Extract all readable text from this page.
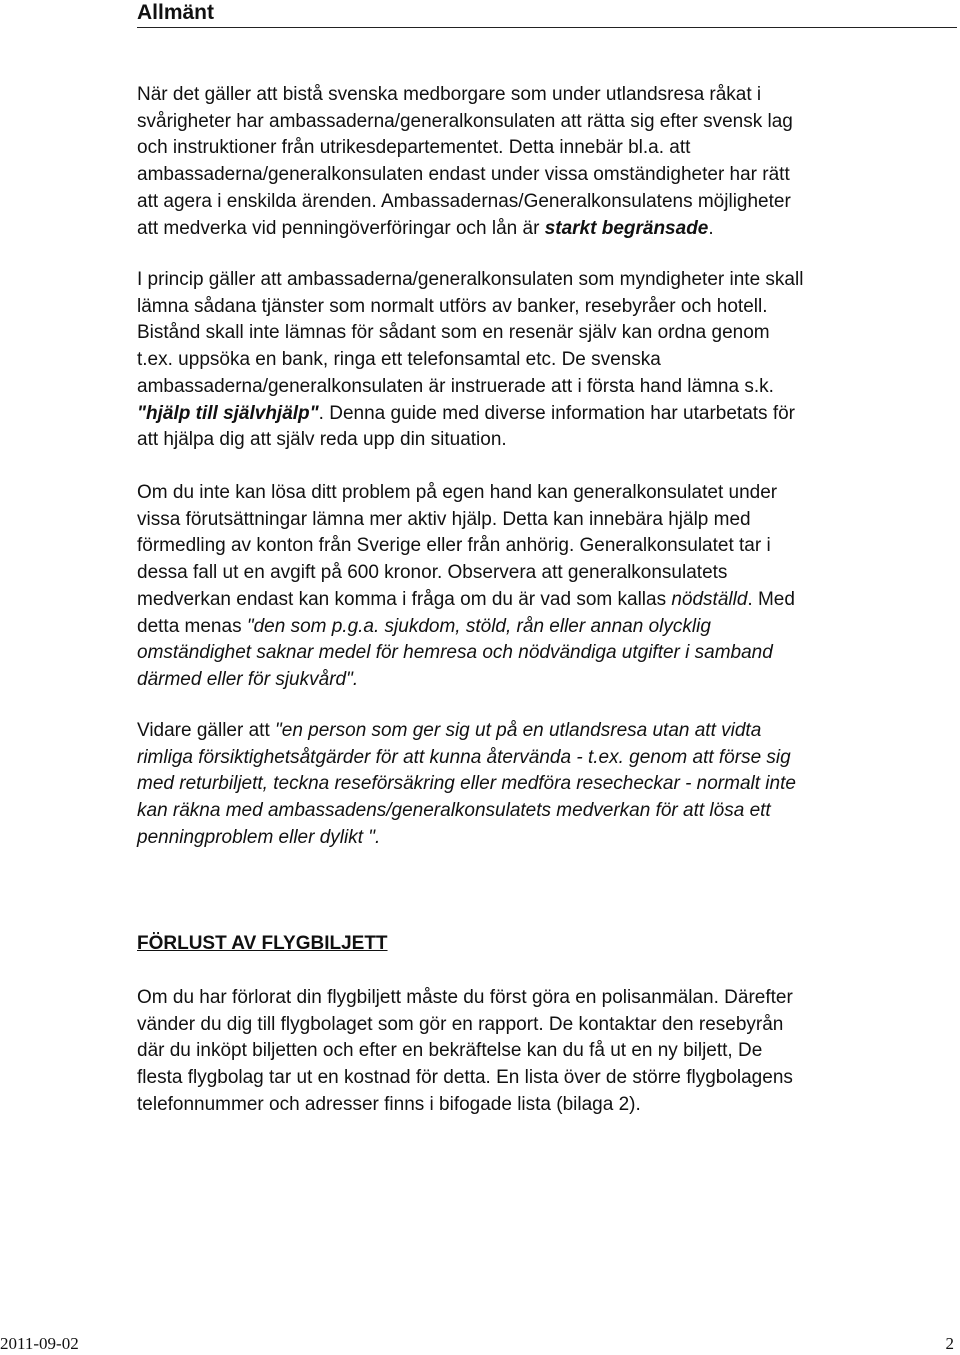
Allmänt
När det gäller att bistå svenska medborgare som under utlandsresa råkat i
svårigheter har ambassaderna/generalkonsulaten att rätta sig efter svensk lag
och instruktioner från utrikesdepartementet. Detta innebär bl.a. att
ambassaderna/generalkonsulaten endast under vissa omständigheter har rätt
att agera i enskilda ärenden. Ambassadernas/Generalkonsulatens möjligheter
att medverka vid penningöverföringar och lån är starkt begränsade.
I princip gäller att ambassaderna/generalkonsulaten som myndigheter inte skall
lämna sådana tjänster som normalt utförs av banker, resebyråer och hotell.
Bistånd skall inte lämnas för sådant som en resenär själv kan ordna genom
t.ex. uppsöka en bank, ringa ett telefonsamtal etc. De svenska
ambassaderna/generalkonsulaten är instruerade att i första hand lämna s.k.
"hjälp till självhjälp". Denna guide med diverse information har utarbetats för
att hjälpa dig att själv reda upp din situation.
Om du inte kan lösa ditt problem på egen hand kan generalkonsulatet under
vissa förutsättningar lämna mer aktiv hjälp. Detta kan innebära hjälp med
förmedling av konton från Sverige eller från anhörig. Generalkonsulatet tar i
dessa fall ut en avgift på 600 kronor. Observera att generalkonsulatets
medverkan endast kan komma i fråga om du är vad som kallas nödställd. Med
detta menas "den som p.g.a. sjukdom, stöld, rån eller annan olycklig
omständighet saknar medel för hemresa och nödvändiga utgifter i samband
därmed eller för sjukvård".
Vidare gäller att "en person som ger sig ut på en utlandsresa utan att vidta
rimliga försiktighetsåtgärder för att kunna återvända - t.ex. genom att förse sig
med returbiljett, teckna reseförsäkring eller medföra resecheckar - normalt inte
kan räkna med ambassadens/generalkonsulatets medverkan för att lösa ett
penningproblem eller dylikt ".
FÖRLUST AV FLYGBILJETT
Om du har förlorat din flygbiljett måste du först göra en polisanmälan. Därefter
vänder du dig till flygbolaget som gör en rapport. De kontaktar den resebyrån
där du inköpt biljetten och efter en bekräftelse kan du få ut en ny biljett, De
flesta flygbolag tar ut en kostnad för detta. En lista över de större flygbolagens
telefonnummer och adresser finns i bifogade lista (bilaga 2).
2011-09-02	2
